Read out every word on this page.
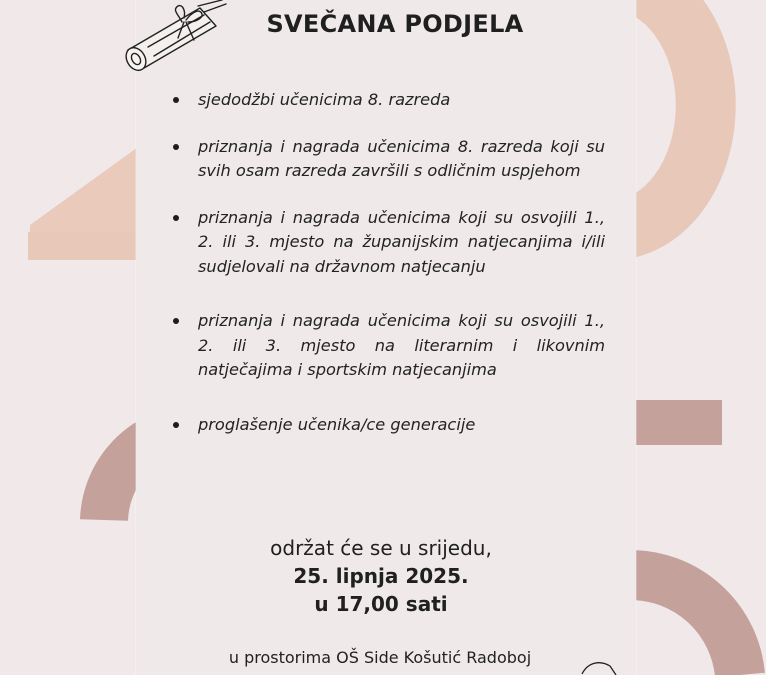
SVEČANA PODJELA
sjedodžbi učenicima 8. razreda
priznanja i nagrada učenicima 8. razreda koji su svih osam razreda završili s odličnim uspjehom
priznanja i nagrada učenicima koji su osvojili 1., 2. ili 3. mjesto na županijskim natjecanjima i/ili sudjelovali na državnom natjecanju
priznanja i nagrada učenicima koji su osvojili 1., 2. ili 3. mjesto na literarnim i likovnim natječajima i sportskim natjecanjima
proglašenje učenika/ce generacije
održat će se u srijedu,
25. lipnja 2025.
u 17,00 sati
u prostorima OŠ Side Košutić Radoboj
